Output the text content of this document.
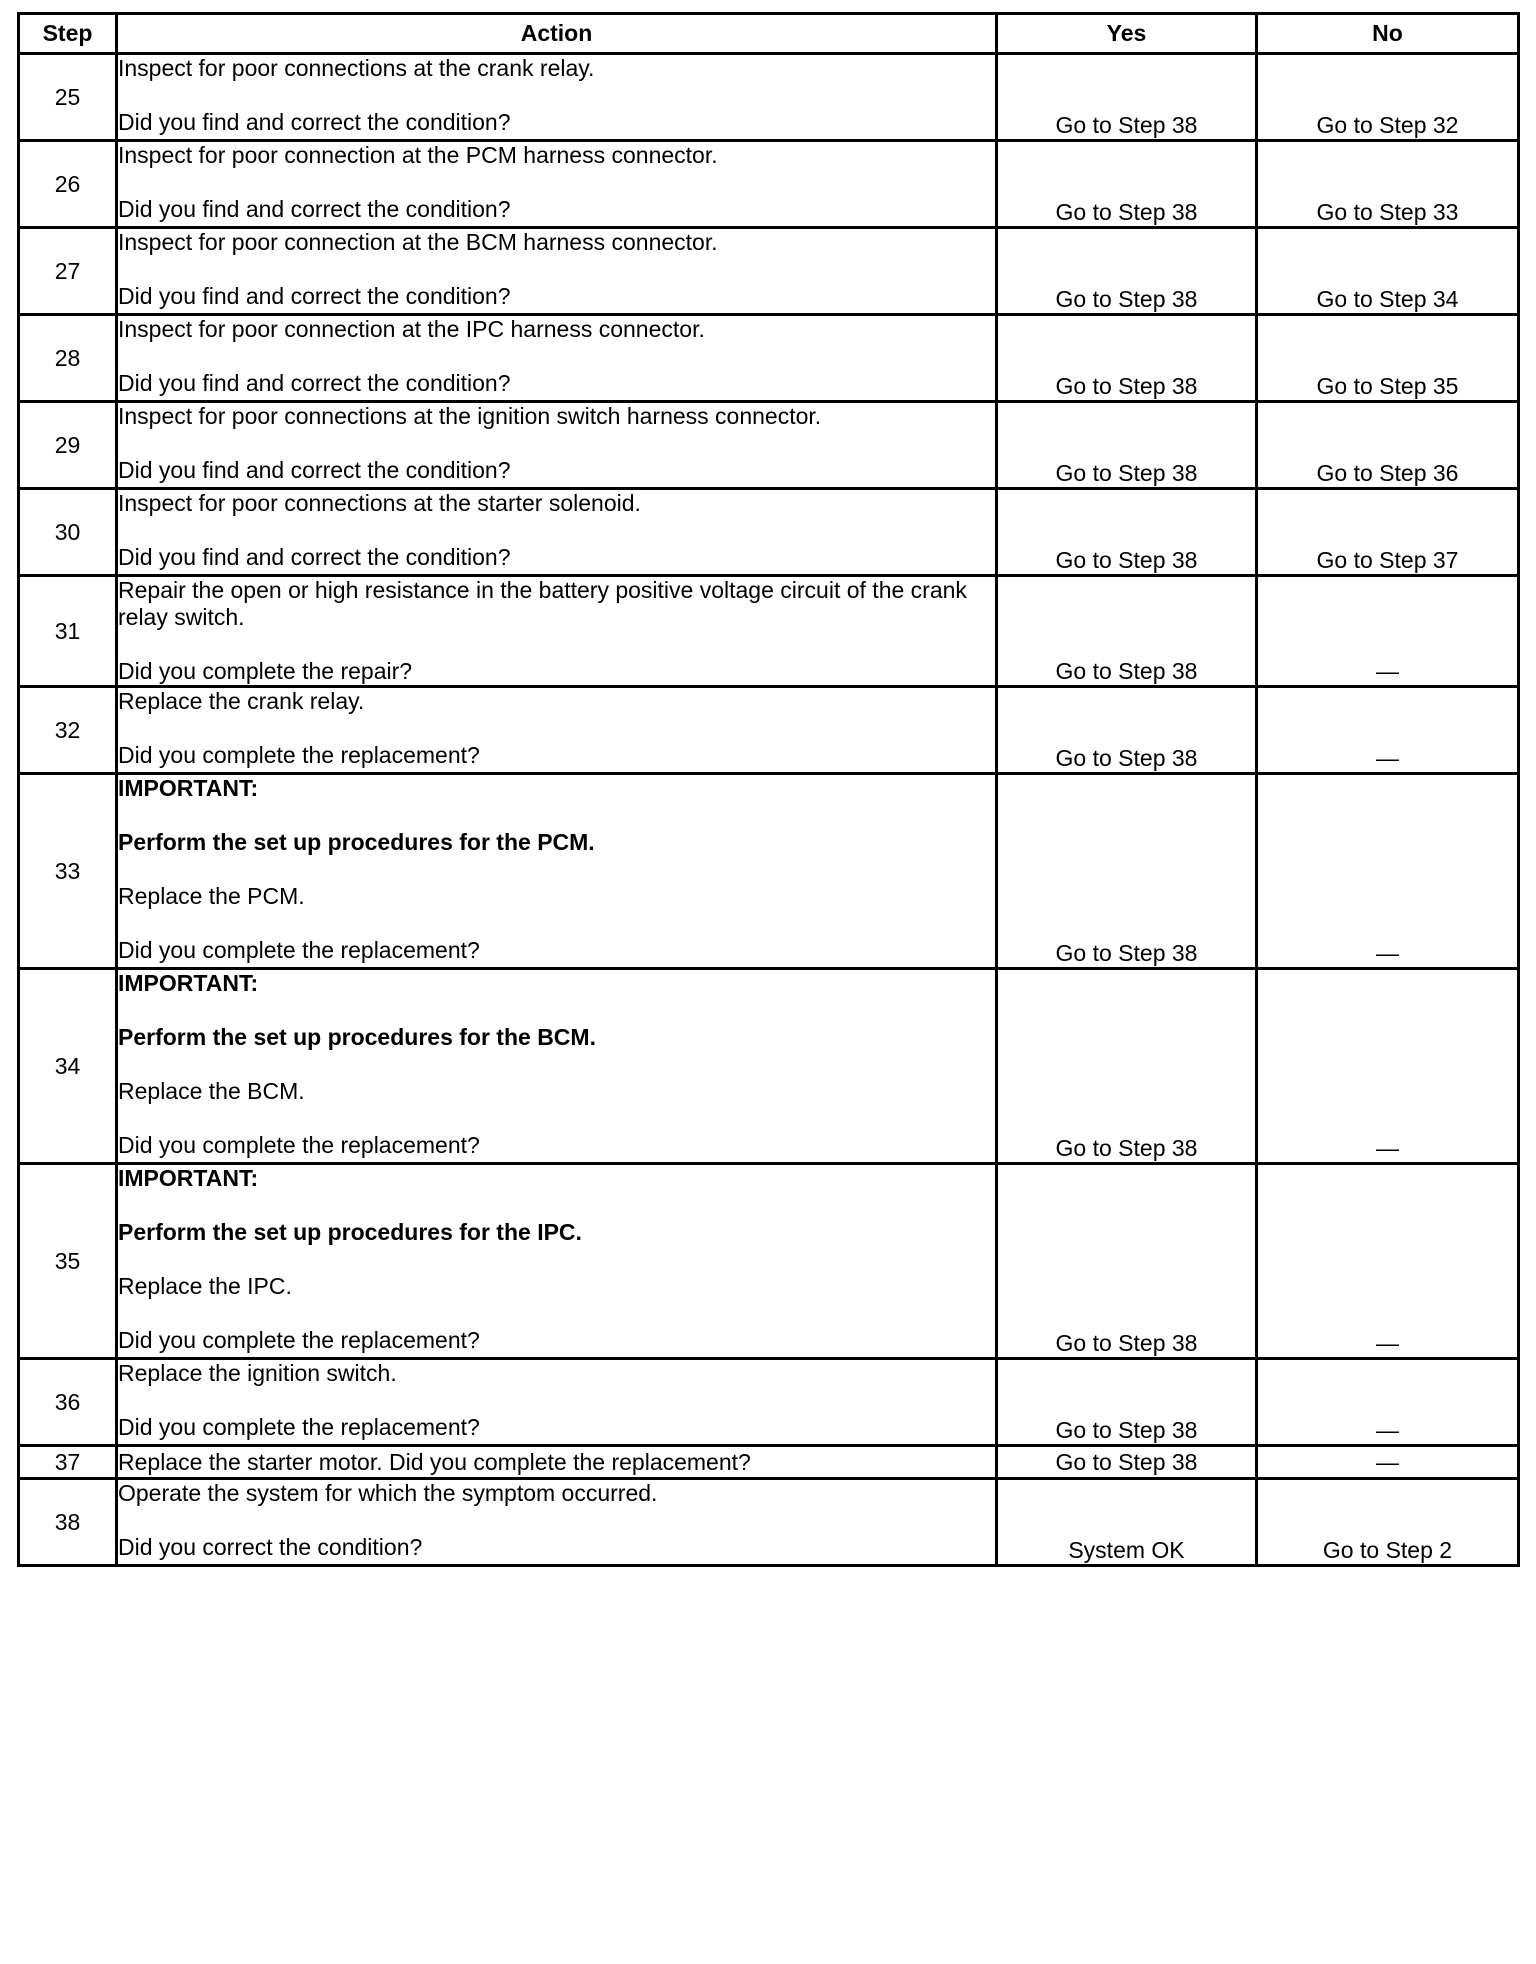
Step	Action	Yes	No
25	Inspect for poor connections at the crank relay.
Did you find and correct the condition?	Go to Step 38	Go to Step 32
26	Inspect for poor connection at the PCM harness connector.
Did you find and correct the condition?	Go to Step 38	Go to Step 33
27	Inspect for poor connection at the BCM harness connector.
Did you find and correct the condition?	Go to Step 38	Go to Step 34
28	Inspect for poor connection at the IPC harness connector.
Did you find and correct the condition?	Go to Step 38	Go to Step 35
29	Inspect for poor connections at the ignition switch harness connector.
Did you find and correct the condition?	Go to Step 38	Go to Step 36
30	Inspect for poor connections at the starter solenoid.
Did you find and correct the condition?	Go to Step 38	Go to Step 37
31	Repair the open or high resistance in the battery positive voltage circuit of the crank relay switch.
Did you complete the repair?	Go to Step 38	—
32	Replace the crank relay.
Did you complete the replacement?	Go to Step 38	—
33	IMPORTANT:
Perform the set up procedures for the PCM.
Replace the PCM.
Did you complete the replacement?	Go to Step 38	—
34	IMPORTANT:
Perform the set up procedures for the BCM.
Replace the BCM.
Did you complete the replacement?	Go to Step 38	—
35	IMPORTANT:
Perform the set up procedures for the IPC.
Replace the IPC.
Did you complete the replacement?	Go to Step 38	—
36	Replace the ignition switch.
Did you complete the replacement?	Go to Step 38	—
37	Replace the starter motor. Did you complete the replacement?	Go to Step 38	—
38	Operate the system for which the symptom occurred.
Did you correct the condition?	System OK	Go to Step 2
